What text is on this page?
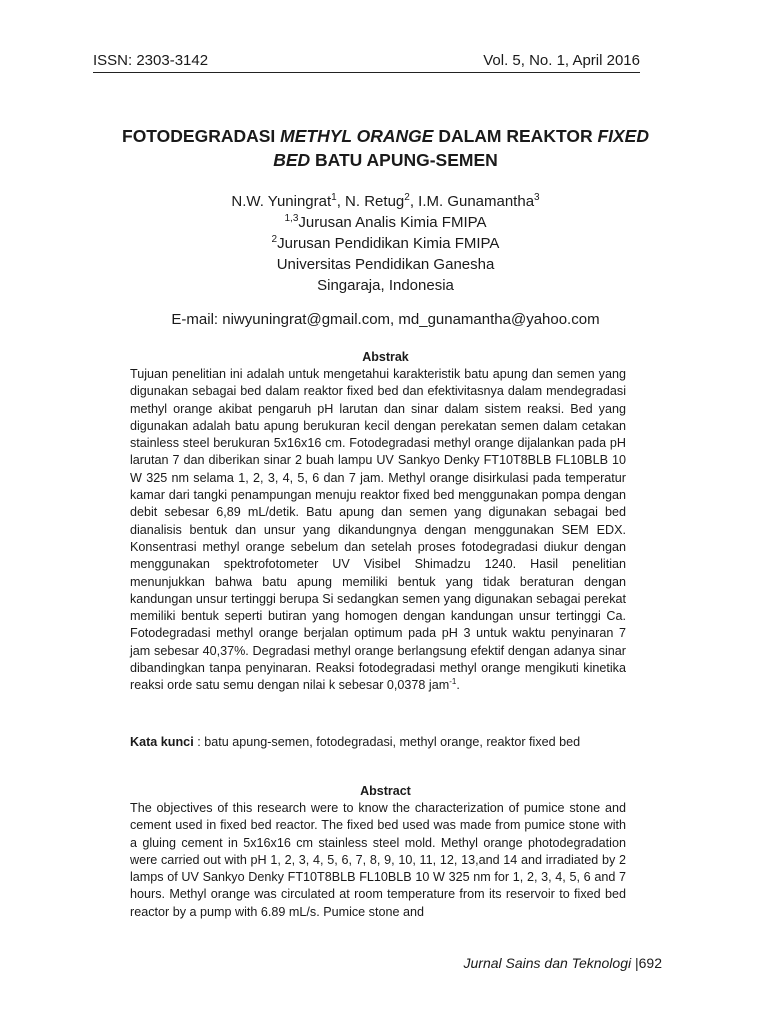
ISSN: 2303-3142	Vol. 5, No. 1, April 2016
FOTODEGRADASI METHYL ORANGE DALAM REAKTOR FIXED
BED BATU APUNG-SEMEN
N.W. Yuningrat$^1$, N. Retug$^2$, I.M. Gunamantha$^3$
$^{1,3}$Jurusan Analis Kimia FMIPA
$^2$Jurusan Pendidikan Kimia FMIPA
Universitas Pendidikan Ganesha
Singaraja, Indonesia
E-mail: niwyuningrat@gmail.com, md_gunamantha@yahoo.com
Abstrak
Tujuan penelitian ini adalah untuk mengetahui karakteristik batu apung dan semen yang digunakan sebagai bed dalam reaktor fixed bed dan efektivitasnya dalam mendegradasi methyl orange akibat pengaruh pH larutan dan sinar dalam sistem reaksi. Bed yang digunakan adalah batu apung berukuran kecil dengan perekatan semen dalam cetakan stainless steel berukuran 5x16x16 cm. Fotodegradasi methyl orange dijalankan pada pH larutan 7 dan diberikan sinar 2 buah lampu UV Sankyo Denky FT10T8BLB FL10BLB 10 W 325 nm selama 1, 2, 3, 4, 5, 6 dan 7 jam. Methyl orange disirkulasi pada temperatur kamar dari tangki penampungan menuju reaktor fixed bed menggunakan pompa dengan debit sebesar 6,89 mL/detik. Batu apung dan semen yang digunakan sebagai bed dianalisis bentuk dan unsur yang dikandungnya dengan menggunakan SEM EDX. Konsentrasi methyl orange sebelum dan setelah proses fotodegradasi diukur dengan menggunakan spektrofotometer UV Visibel Shimadzu 1240. Hasil penelitian menunjukkan bahwa batu apung memiliki bentuk yang tidak beraturan dengan kandungan unsur tertinggi berupa Si sedangkan semen yang digunakan sebagai perekat memiliki bentuk seperti butiran yang homogen dengan kandungan unsur tertinggi Ca. Fotodegradasi methyl orange berjalan optimum pada pH 3 untuk waktu penyinaran 7 jam sebesar 40,37%. Degradasi methyl orange berlangsung efektif dengan adanya sinar dibandingkan tanpa penyinaran. Reaksi fotodegradasi methyl orange mengikuti kinetika reaksi orde satu semu dengan nilai k sebesar 0,0378 jam$^{-1}$.
Kata kunci : batu apung-semen, fotodegradasi, methyl orange, reaktor fixed bed
Abstract
The objectives of this research were to know the characterization of pumice stone and cement used in fixed bed reactor. The fixed bed used was made from pumice stone with a gluing cement in 5x16x16 cm stainless steel mold. Methyl orange photodegradation were carried out with pH 1, 2, 3, 4, 5, 6, 7, 8, 9, 10, 11, 12, 13,and 14 and irradiated by 2 lamps of UV Sankyo Denky FT10T8BLB FL10BLB 10 W 325 nm for 1, 2, 3, 4, 5, 6 and 7 hours. Methyl orange was circulated at room temperature from its reservoir to fixed bed reactor by a pump with 6.89 mL/s. Pumice stone and
Jurnal Sains dan Teknologi |692
